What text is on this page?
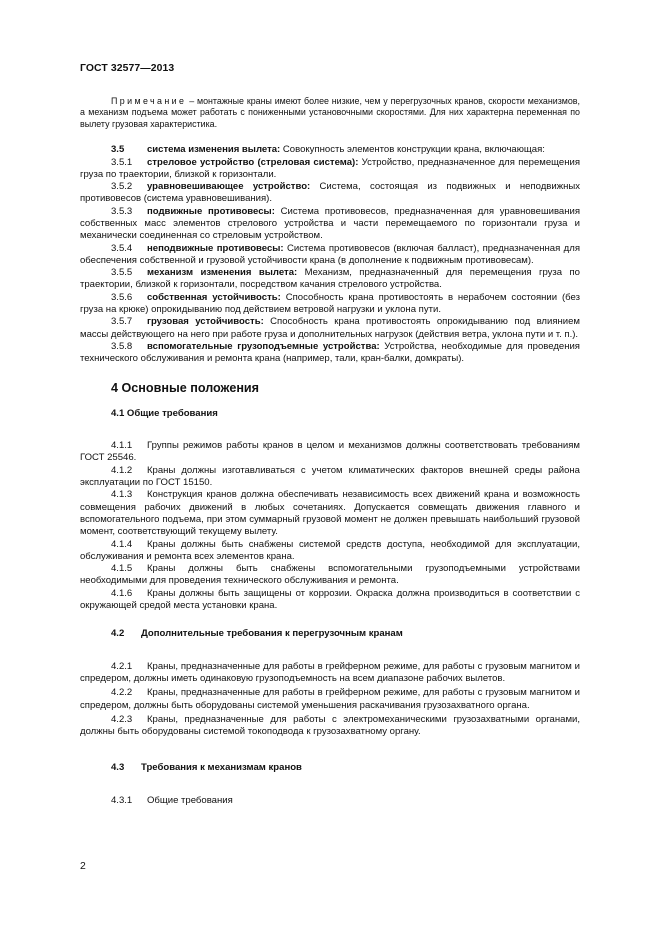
ГОСТ 32577—2013

Примечание – монтажные краны имеют более низкие, чем у перегрузочных кранов, скорости механизмов, а механизм подъема может работать с пониженными установочными скоростями. Для них характерна переменная по вылету грузовая характеристика.

3.5 система изменения вылета: Совокупность элементов конструкции крана, включающая:

3.5.1 стреловое устройство (стреловая система): Устройство, предназначенное для перемещения груза по траектории, близкой к горизонтали.

3.5.2 уравновешивающее устройство: Система, состоящая из подвижных и неподвижных противовесов (система уравновешивания).

3.5.3 подвижные противовесы: Система противовесов, предназначенная для уравновешивания собственных масс элементов стрелового устройства и части перемещаемого по горизонтали груза и механически соединенная со стреловым устройством.

3.5.4 неподвижные противовесы: Система противовесов (включая балласт), предназначенная для обеспечения собственной и грузовой устойчивости крана (в дополнение к подвижным противовесам).

3.5.5 механизм изменения вылета: Механизм, предназначенный для перемещения груза по траектории, близкой к горизонтали, посредством качания стрелового устройства.

3.5.6 собственная устойчивость: Способность крана противостоять в нерабочем состоянии (без груза на крюке) опрокидыванию под действием ветровой нагрузки и уклона пути.

3.5.7 грузовая устойчивость: Способность крана противостоять опрокидыванию под влиянием массы действующего на него при работе груза и дополнительных нагрузок (действия ветра, уклона пути и т. п.).

3.5.8 вспомогательные грузоподъемные устройства: Устройства, необходимые для проведения технического обслуживания и ремонта крана (например, тали, кран-балки, домкраты).

4 Основные положения
4.1 Общие требования

4.1.1 Группы режимов работы кранов в целом и механизмов должны соответствовать требованиям ГОСТ 25546.

4.1.2 Краны должны изготавливаться с учетом климатических факторов внешней среды района эксплуатации по ГОСТ 15150.

4.1.3 Конструкция кранов должна обеспечивать независимость всех движений крана и возможность совмещения рабочих движений в любых сочетаниях. Допускается совмещать движения главного и вспомогательного подъема, при этом суммарный грузовой момент не должен превышать наибольший грузовой момент, соответствующий текущему вылету.

4.1.4 Краны должны быть снабжены системой средств доступа, необходимой для эксплуатации, обслуживания и ремонта всех элементов крана.

4.1.5 Краны должны быть снабжены вспомогательными грузоподъемными устройствами необходимыми для проведения технического обслуживания и ремонта.

4.1.6 Краны должны быть защищены от коррозии. Окраска должна производиться в соответствии с окружающей средой места установки крана.

4.2 Дополнительные требования к перегрузочным кранам

4.2.1 Краны, предназначенные для работы в грейферном режиме, для работы с грузовым магнитом и спредером, должны иметь одинаковую грузоподъемность на всем диапазоне рабочих вылетов.

4.2.2 Краны, предназначенные для работы в грейферном режиме, для работы с грузовым магнитом и спредером, должны быть оборудованы системой уменьшения раскачивания грузозахватного органа.

4.2.3 Краны, предназначенные для работы с электромеханическими грузозахватными органами, должны быть оборудованы системой токоподвода к грузозахватному органу.

4.3 Требования к механизмам кранов

4.3.1 Общие требования

2
